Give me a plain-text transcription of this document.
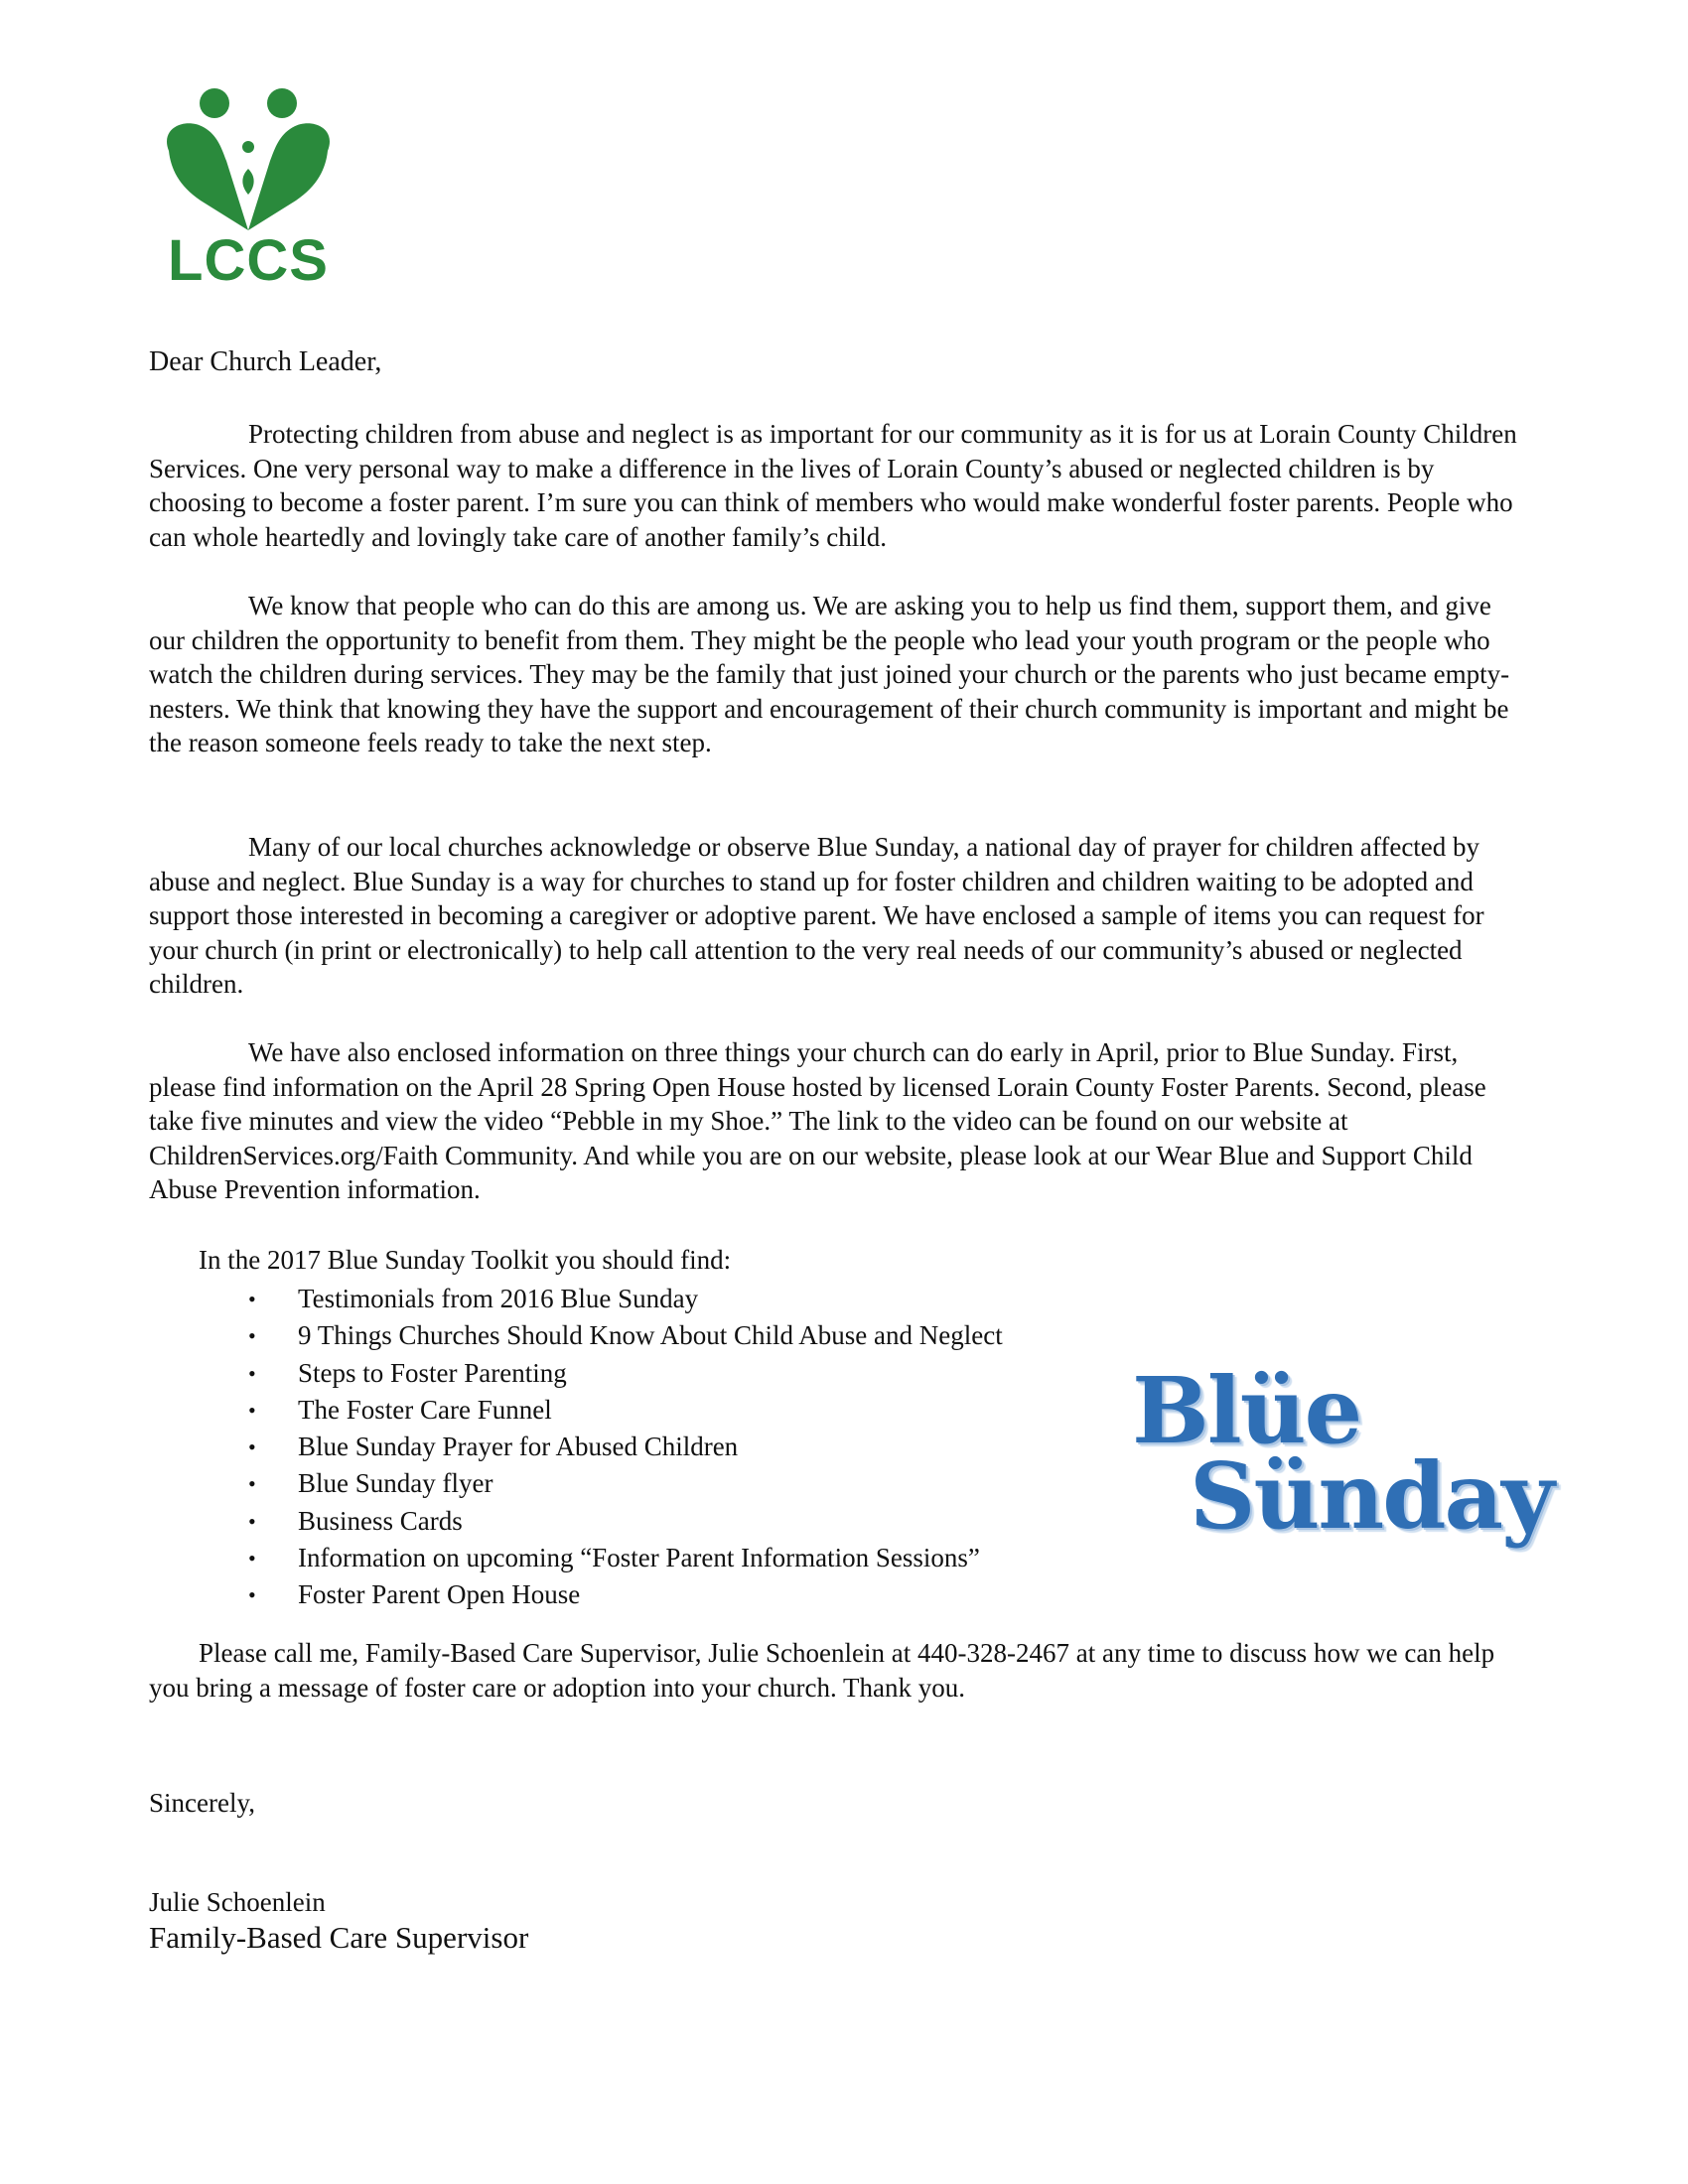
LCCS
Dear Church Leader,

Protecting children from abuse and neglect is as important for our community as it is for us at Lorain County Children Services. One very personal way to make a difference in the lives of Lorain County’s abused or neglected children is by choosing to become a foster parent. I’m sure you can think of members who would make wonderful foster parents. People who can whole heartedly and lovingly take care of another family’s child.

We know that people who can do this are among us. We are asking you to help us find them, support them, and give our children the opportunity to benefit from them. They might be the people who lead your youth program or the people who watch the children during services. They may be the family that just joined your church or the parents who just became empty-nesters. We think that knowing they have the support and encouragement of their church community is important and might be the reason someone feels ready to take the next step.

Many of our local churches acknowledge or observe Blue Sunday, a national day of prayer for children affected by abuse and neglect. Blue Sunday is a way for churches to stand up for foster children and children waiting to be adopted and support those interested in becoming a caregiver or adoptive parent. We have enclosed a sample of items you can request for your church (in print or electronically) to help call attention to the very real needs of our community’s abused or neglected children.

We have also enclosed information on three things your church can do early in April, prior to Blue Sunday. First, please find information on the April 28 Spring Open House hosted by licensed Lorain County Foster Parents. Second, please take five minutes and view the video “Pebble in my Shoe.” The link to the video can be found on our website at ChildrenServices.org/Faith Community. And while you are on our website, please look at our Wear Blue and Support Child Abuse Prevention information.

In the 2017 Blue Sunday Toolkit you should find:
• Testimonials from 2016 Blue Sunday
• 9 Things Churches Should Know About Child Abuse and Neglect
• Steps to Foster Parenting
• The Foster Care Funnel
• Blue Sunday Prayer for Abused Children
• Blue Sunday flyer
• Business Cards
• Information on upcoming “Foster Parent Information Sessions”
• Foster Parent Open House
Blüe
Sünday

Please call me, Family-Based Care Supervisor, Julie Schoenlein at 440-328-2467 at any time to discuss how we can help you bring a message of foster care or adoption into your church. Thank you.

Sincerely,
Julie Schoenlein
Family-Based Care Supervisor
